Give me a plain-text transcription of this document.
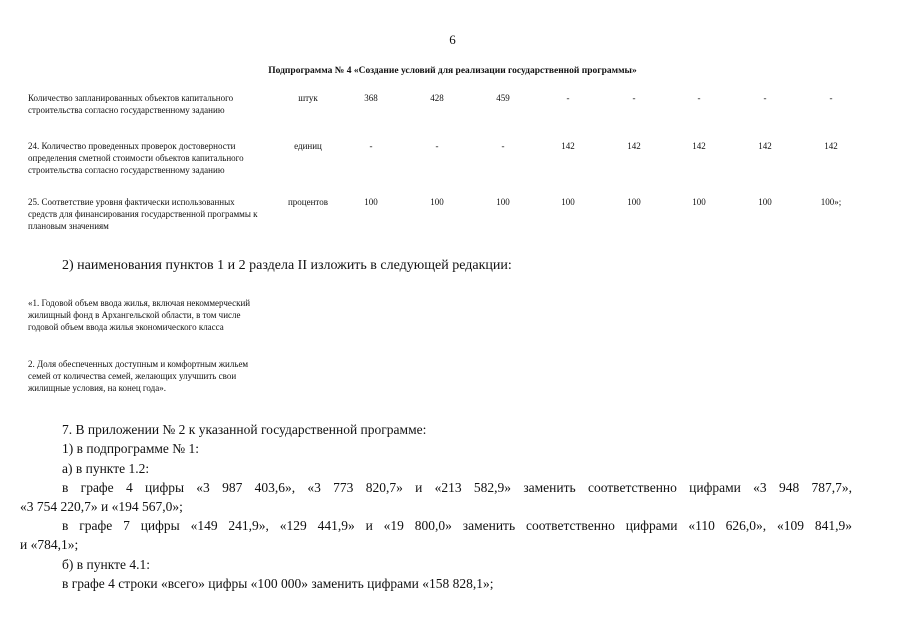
6
Подпрограмма № 4 «Создание условий для реализации государственной программы»
Количество запланированных объектов капитального строительства согласно государственному заданию
штук	368	428	459	-	-	-	-	-
24. Количество проведенных проверок достоверности определения сметной стоимости объектов капитального строительства согласно государственному заданию
единиц	-	-	-	142	142	142	142	142
25. Соответствие уровня фактически использованных средств для финансирования государственной программы к плановым значениям
процентов	100	100	100	100	100	100	100	100»;
2) наименования пунктов 1 и 2 раздела II изложить в следующей редакции:
«1. Годовой объем ввода жилья, включая некоммерческий жилищный фонд в Архангельской области, в том числе годовой объем ввода жилья экономического класса
2. Доля обеспеченных доступным и комфортным жильем семей от количества семей, желающих улучшить свои жилищные условия, на конец года».
7. В приложении № 2 к указанной государственной программе:
1) в подпрограмме № 1:
а) в пункте 1.2:
в графе 4 цифры «3 987 403,6», «3 773 820,7» и «213 582,9» заменить соответственно цифрами «3 948 787,7»,
«3 754 220,7» и «194 567,0»;
в графе 7 цифры «149 241,9», «129 441,9» и «19 800,0» заменить соответственно цифрами «110 626,0», «109 841,9»
и «784,1»;
б) в пункте 4.1:
в графе 4 строки «всего» цифры «100 000» заменить цифрами «158 828,1»;
